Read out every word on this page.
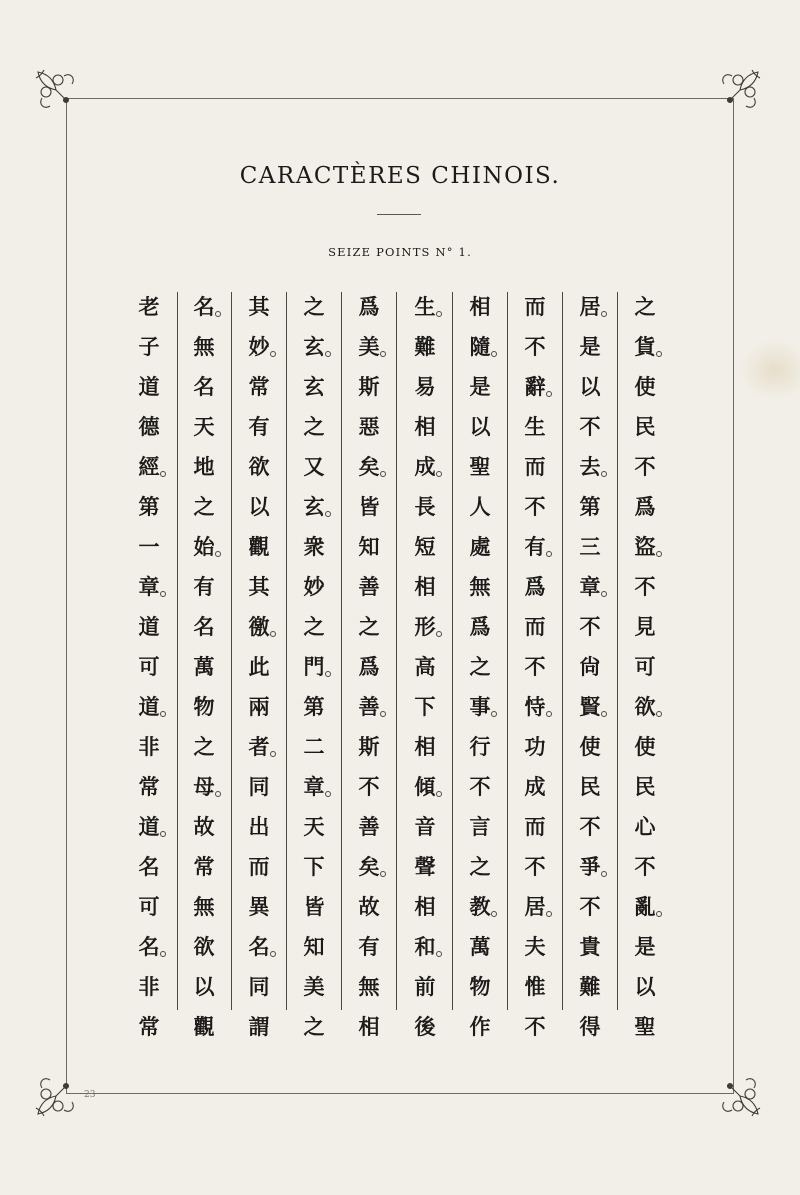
CARACTÈRES CHINOIS.
SEIZE POINTS N° 1.
老
子
道
德
經
第
一
章
道
可
道
非
常
道
名
可
名
非
常
名
無
名
天
地
之
始
有
名
萬
物
之
母
故
常
無
欲
以
觀
其
妙
常
有
欲
以
觀
其
徼
此
兩
者
同
出
而
異
名
同
謂
之
玄
玄
之
又
玄
衆
妙
之
門
第
二
章
天
下
皆
知
美
之
爲
美
斯
惡
矣
皆
知
善
之
爲
善
斯
不
善
矣
故
有
無
相
生
難
易
相
成
長
短
相
形
高
下
相
傾
音
聲
相
和
前
後
相
隨
是
以
聖
人
處
無
爲
之
事
行
不
言
之
教
萬
物
作
而
不
辭
生
而
不
有
爲
而
不
恃
功
成
而
不
居
夫
惟
不
居
是
以
不
去
第
三
章
不
尙
賢
使
民
不
爭
不
貴
難
得
之
貨
使
民
不
爲
盜
不
見
可
欲
使
民
心
不
亂
是
以
聖
23
